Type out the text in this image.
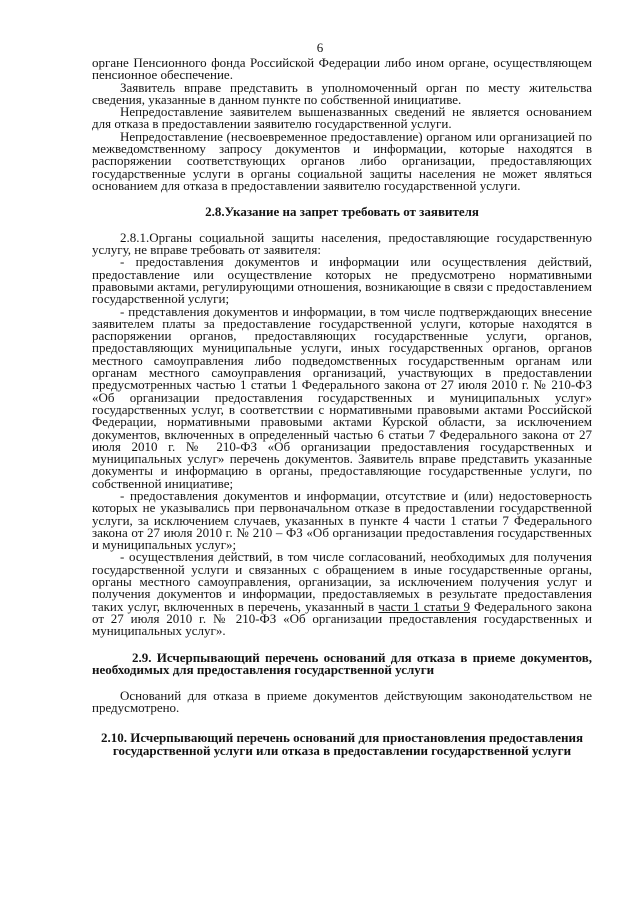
6

органе Пенсионного фонда Российской Федерации либо ином органе, осуществляющем пенсионное обеспечение.

Заявитель вправе представить в уполномоченный орган по месту жительства сведения, указанные в данном пункте по собственной инициативе.

Непредоставление заявителем вышеназванных сведений не является основанием для отказа в предоставлении заявителю государственной услуги.

Непредоставление (несвоевременное предоставление) органом или организацией по межведомственному запросу документов и информации, которые находятся в распоряжении соответствующих органов либо организации, предоставляющих государственные услуги в органы социальной защиты населения не может являться основанием для отказа в предоставлении заявителю государственной услуги.

2.8.Указание на запрет требовать от заявителя

2.8.1.Органы социальной защиты населения, предоставляющие государственную услугу, не вправе требовать от заявителя:

- предоставления документов и информации или осуществления действий, предоставление или осуществление которых не предусмотрено нормативными правовыми актами, регулирующими отношения, возникающие в связи с предоставлением государственной услуги;

- представления документов и информации, в том числе подтверждающих внесение заявителем платы за предоставление государственной услуги, которые находятся в распоряжении органов, предоставляющих государственные услуги, органов, предоставляющих муниципальные услуги, иных государственных органов, органов местного самоуправления либо подведомственных государственным органам или органам местного самоуправления организаций, участвующих в предоставлении предусмотренных частью 1 статьи 1 Федерального закона от 27 июля 2010 г. № 210-ФЗ «Об организации предоставления государственных и муниципальных услуг» государственных услуг, в соответствии с нормативными правовыми актами Российской Федерации, нормативными правовыми актами Курской области, за исключением документов, включенных в определенный частью 6 статьи 7 Федерального закона от 27 июля 2010 г. № 210-ФЗ «Об организации предоставления государственных и муниципальных услуг» перечень документов. Заявитель вправе представить указанные документы и информацию в органы, предоставляющие государственные услуги, по собственной инициативе;

- предоставления документов и информации, отсутствие и (или) недостоверность которых не указывались при первоначальном отказе в предоставлении государственной услуги, за исключением случаев, указанных в пункте 4 части 1 статьи 7 Федерального закона от 27 июля 2010 г. № 210 – ФЗ «Об организации предоставления государственных и муниципальных услуг»;

- осуществления действий, в том числе согласований, необходимых для получения государственной услуги и связанных с обращением в иные государственные органы, органы местного самоуправления, организации, за исключением получения услуг и получения документов и информации, предоставляемых в результате предоставления таких услуг, включенных в перечень, указанный в части 1 статьи 9 Федерального закона от 27 июля 2010 г. № 210-ФЗ «Об организации предоставления государственных и муниципальных услуг».

2.9. Исчерпывающий перечень оснований для отказа в приеме документов, необходимых для предоставления государственной услуги

Оснований для отказа в приеме документов действующим законодательством не предусмотрено.

2.10. Исчерпывающий перечень оснований для приостановления предоставления государственной услуги или отказа в предоставлении государственной услуги
